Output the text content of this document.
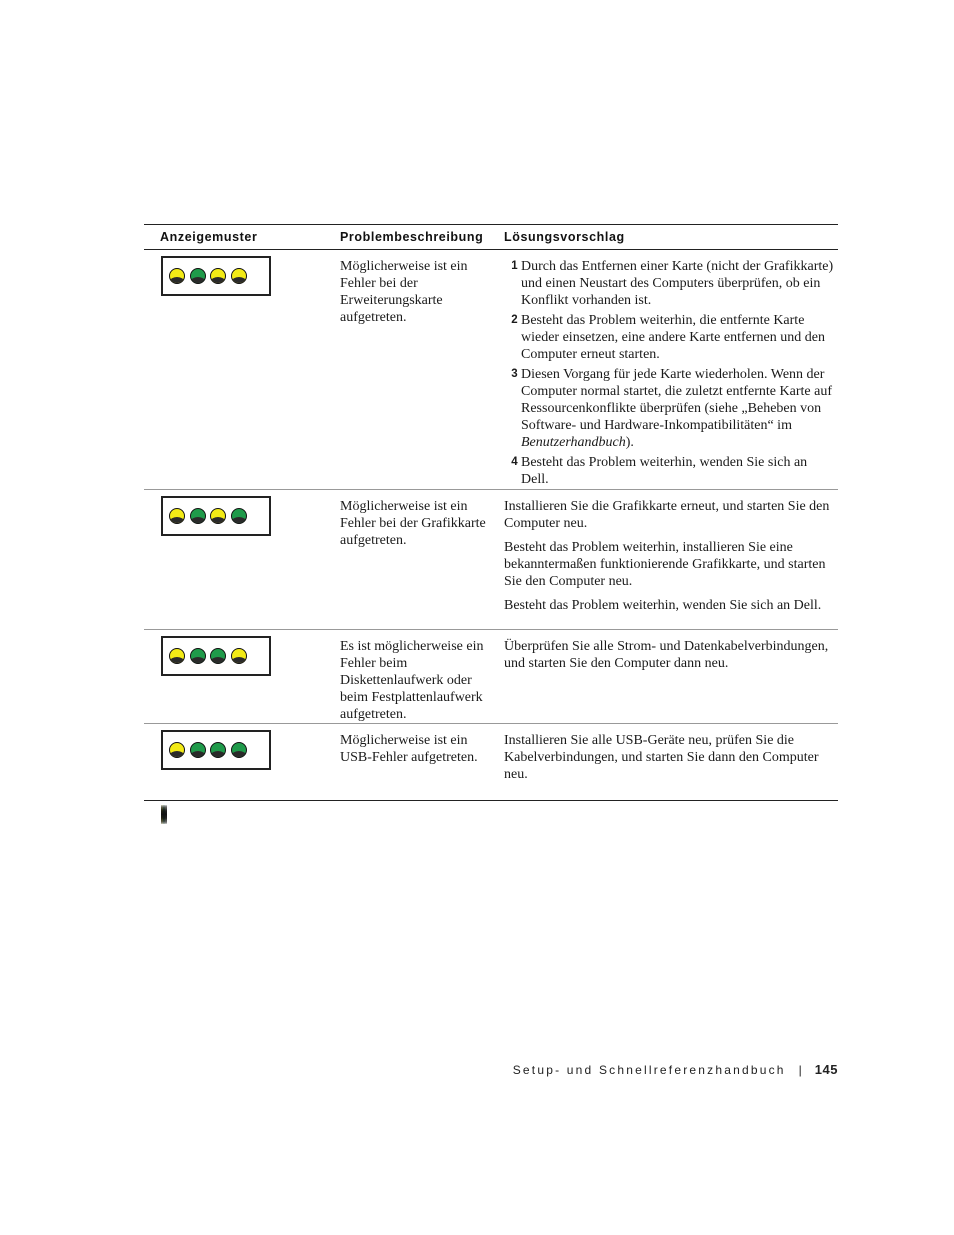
Anzeigemuster	Problembeschreibung	Lösungsvorschlag
Möglicherweise ist ein Fehler bei der Erweiterungskarte aufgetreten.
1 Durch das Entfernen einer Karte (nicht der Grafikkarte) und einen Neustart des Computers überprüfen, ob ein Konflikt vorhanden ist.
2 Besteht das Problem weiterhin, die entfernte Karte wieder einsetzen, eine andere Karte entfernen und den Computer erneut starten.
3 Diesen Vorgang für jede Karte wiederholen. Wenn der Computer normal startet, die zuletzt entfernte Karte auf Ressourcenkonflikte überprüfen (siehe „Beheben von Software- und Hardware-Inkompatibilitäten“ im Benutzerhandbuch).
4 Besteht das Problem weiterhin, wenden Sie sich an Dell.
Möglicherweise ist ein Fehler bei der Grafikkarte aufgetreten.

Installieren Sie die Grafikkarte erneut, und starten Sie den Computer neu.

Besteht das Problem weiterhin, installieren Sie eine bekanntermaßen funktionierende Grafikkarte, und starten Sie den Computer neu.

Besteht das Problem weiterhin, wenden Sie sich an Dell.

Es ist möglicherweise ein Fehler beim Diskettenlaufwerk oder beim Festplattenlaufwerk aufgetreten.

Überprüfen Sie alle Strom- und Datenkabelverbindungen, und starten Sie den Computer dann neu.

Möglicherweise ist ein USB-Fehler aufgetreten.

Installieren Sie alle USB-Geräte neu, prüfen Sie die Kabelverbindungen, und starten Sie dann den Computer neu.

Setup- und Schnellreferenzhandbuch | 145
